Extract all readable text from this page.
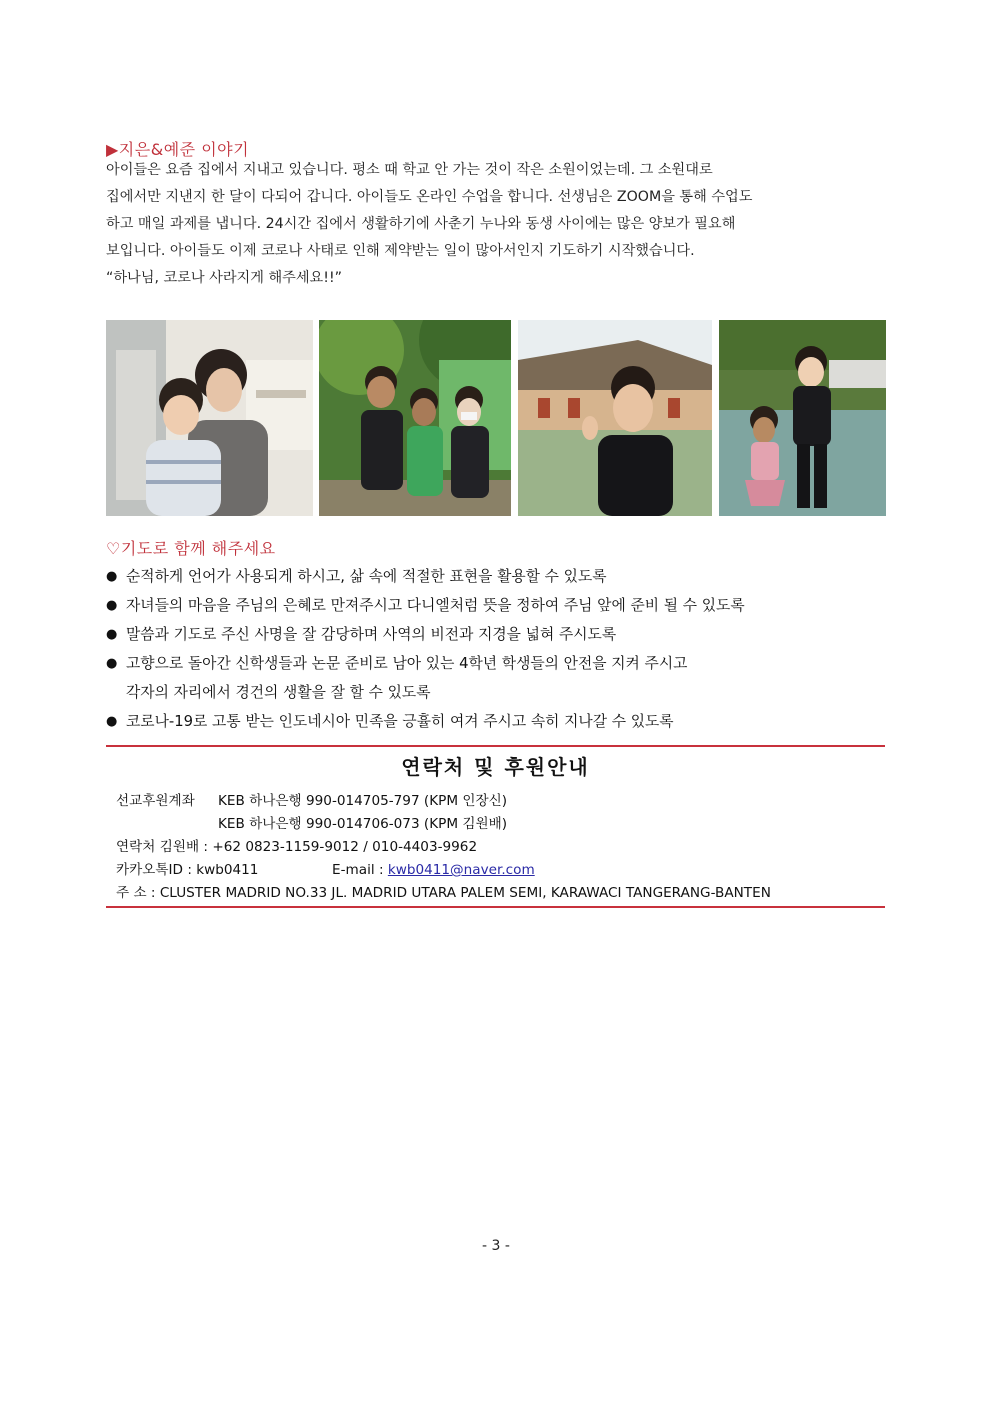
▶지은&예준 이야기
아이들은 요즘 집에서 지내고 있습니다. 평소 때 학교 안 가는 것이 작은 소원이었는데. 그 소원대로
집에서만 지낸지 한 달이 다되어 갑니다. 아이들도 온라인 수업을 합니다. 선생님은 ZOOM을 통해 수업도
하고 매일 과제를 냅니다. 24시간 집에서 생활하기에 사춘기 누나와 동생 사이에는 많은 양보가 필요해
보입니다. 아이들도 이제 코로나 사태로 인해 제약받는 일이 많아서인지 기도하기 시작했습니다.
“하나님, 코로나 사라지게 해주세요!!”
♡기도로 함께 해주세요
● 순적하게 언어가 사용되게 하시고, 삶 속에 적절한 표현을 활용할 수 있도록
● 자녀들의 마음을 주님의 은혜로 만져주시고 다니엘처럼 뜻을 정하여 주님 앞에 준비 될 수 있도록
● 말씀과 기도로 주신 사명을 잘 감당하며 사역의 비전과 지경을 넓혀 주시도록
● 고향으로 돌아간 신학생들과 논문 준비로 남아 있는 4학년 학생들의 안전을 지켜 주시고
각자의 자리에서 경건의 생활을 잘 할 수 있도록
● 코로나-19로 고통 받는 인도네시아 민족을 긍휼히 여겨 주시고 속히 지나갈 수 있도록
연락처 및 후원안내
선교후원계좌 KEB 하나은행 990-014705-797 (KPM 인장신)
KEB 하나은행 990-014706-073 (KPM 김원배)
연락처 김원배 : +62 0823-1159-9012 / 010-4403-9962
카카오톡ID : kwb0411	E-mail : kwb0411@naver.com
주 소 : CLUSTER MADRID NO.33 JL. MADRID UTARA PALEM SEMI, KARAWACI TANGERANG-BANTEN
- 3 -
